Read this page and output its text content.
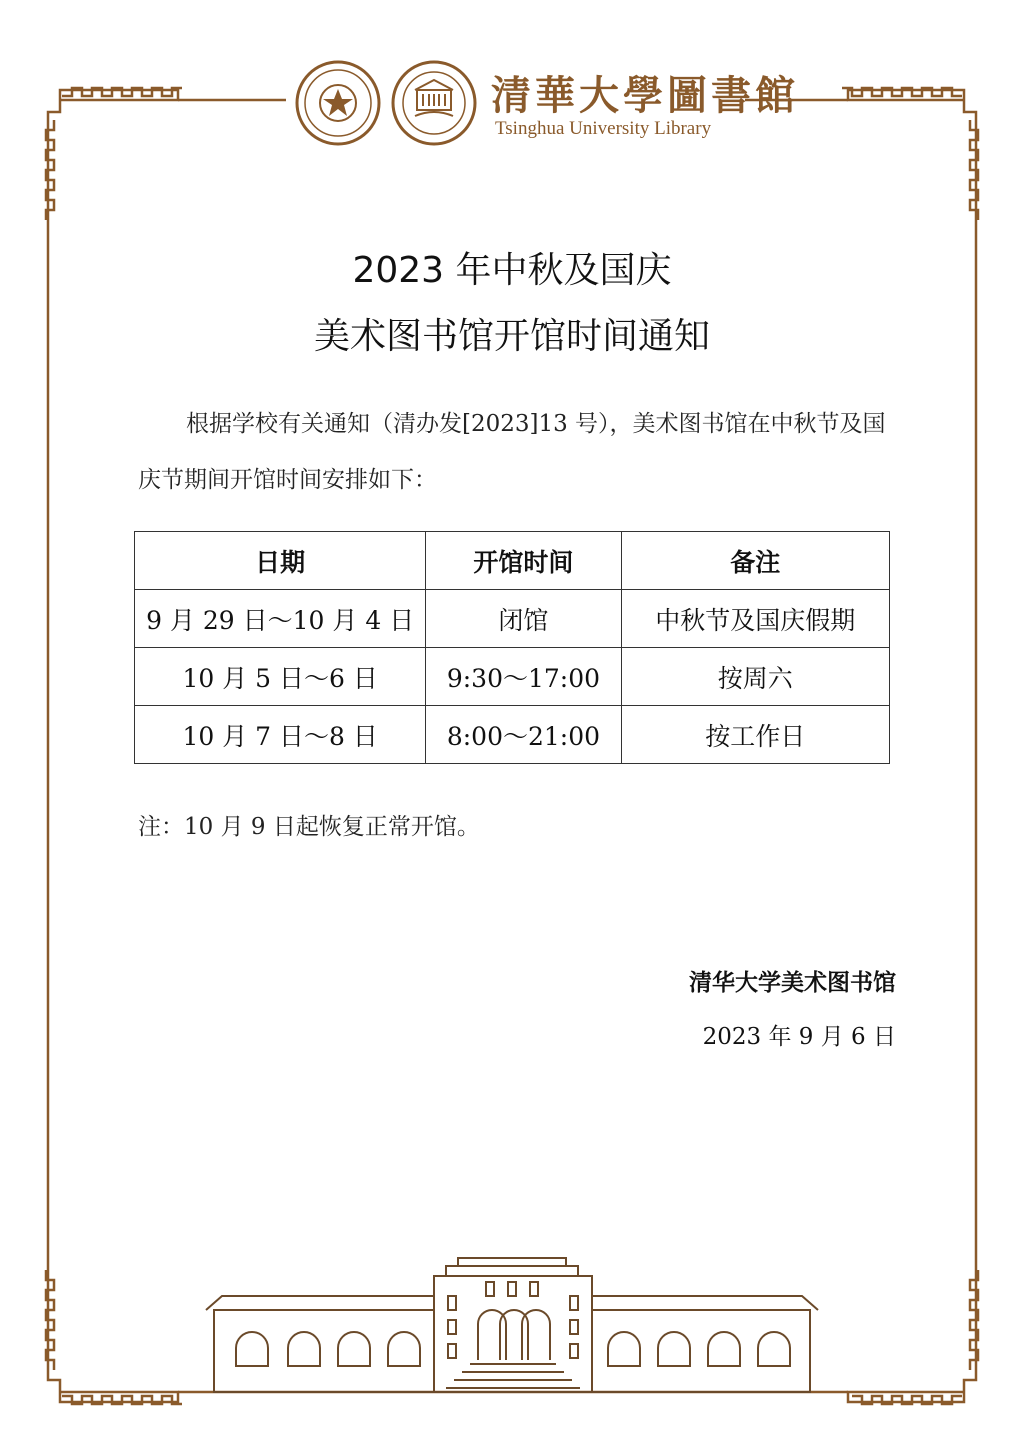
清華大學圖書館
Tsinghua University Library
2023 年中秋及国庆
美术图书馆开馆时间通知
根据学校有关通知（清办发[2023]13 号），美术图书馆在中秋节及国庆节期间开馆时间安排如下：
日期	开馆时间	备注
9 月 29 日～10 月 4 日	闭馆	中秋节及国庆假期
10 月 5 日～6 日	9:30～17:00	按周六
10 月 7 日～8 日	8:00～21:00	按工作日
注：10 月 9 日起恢复正常开馆。
清华大学美术图书馆
2023 年 9 月 6 日
